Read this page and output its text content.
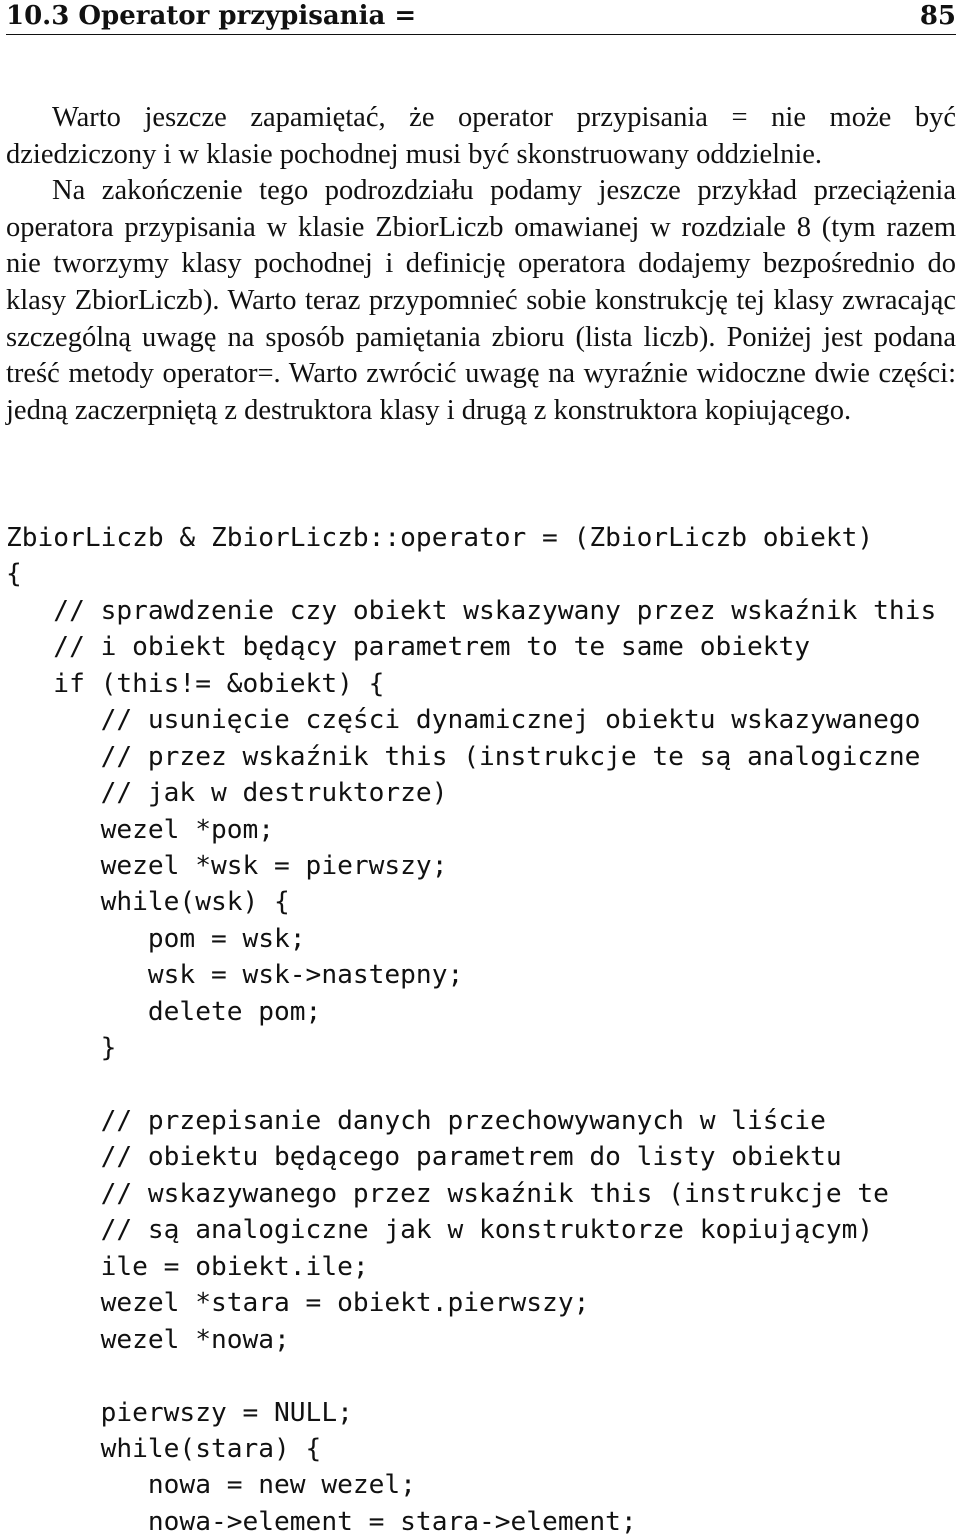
10.3 Operator przypisania =	85

Warto jeszcze zapamiętać, że operator przypisania = nie może być dziedziczony i w klasie pochodnej musi być skonstruowany oddzielnie.

Na zakończenie tego podrozdziału podamy jeszcze przykład przeciążenia operatora przypisania w klasie ZbiorLiczb omawianej w rozdziale 8 (tym razem nie tworzymy klasy pochodnej i definicję operatora dodajemy bezpośrednio do klasy ZbiorLiczb). Warto teraz przypomnieć sobie konstrukcję tej klasy zwracając szczególną uwagę na sposób pamiętania zbioru (lista liczb). Poniżej jest podana treść metody operator=. Warto zwrócić uwagę na wyraźnie widoczne dwie części: jedną zaczerpniętą z destruktora klasy i drugą z konstruktora kopiującego.

ZbiorLiczb & ZbiorLiczb::operator = (ZbiorLiczb obiekt)
{
// sprawdzenie czy obiekt wskazywany przez wskaźnik this
// i obiekt będący parametrem to te same obiekty
if (this!= &obiekt) {
// usunięcie części dynamicznej obiektu wskazywanego
// przez wskaźnik this (instrukcje te są analogiczne
// jak w destruktorze)
wezel *pom;
wezel *wsk = pierwszy;
while(wsk) {
pom = wsk;
wsk = wsk->nastepny;
delete pom;
}
// przepisanie danych przechowywanych w liście
// obiektu będącego parametrem do listy obiektu
// wskazywanego przez wskaźnik this (instrukcje te
// są analogiczne jak w konstruktorze kopiującym)
ile = obiekt.ile;
wezel *stara = obiekt.pierwszy;
wezel *nowa;
pierwszy = NULL;
while(stara) {
nowa = new wezel;
nowa->element = stara->element;
